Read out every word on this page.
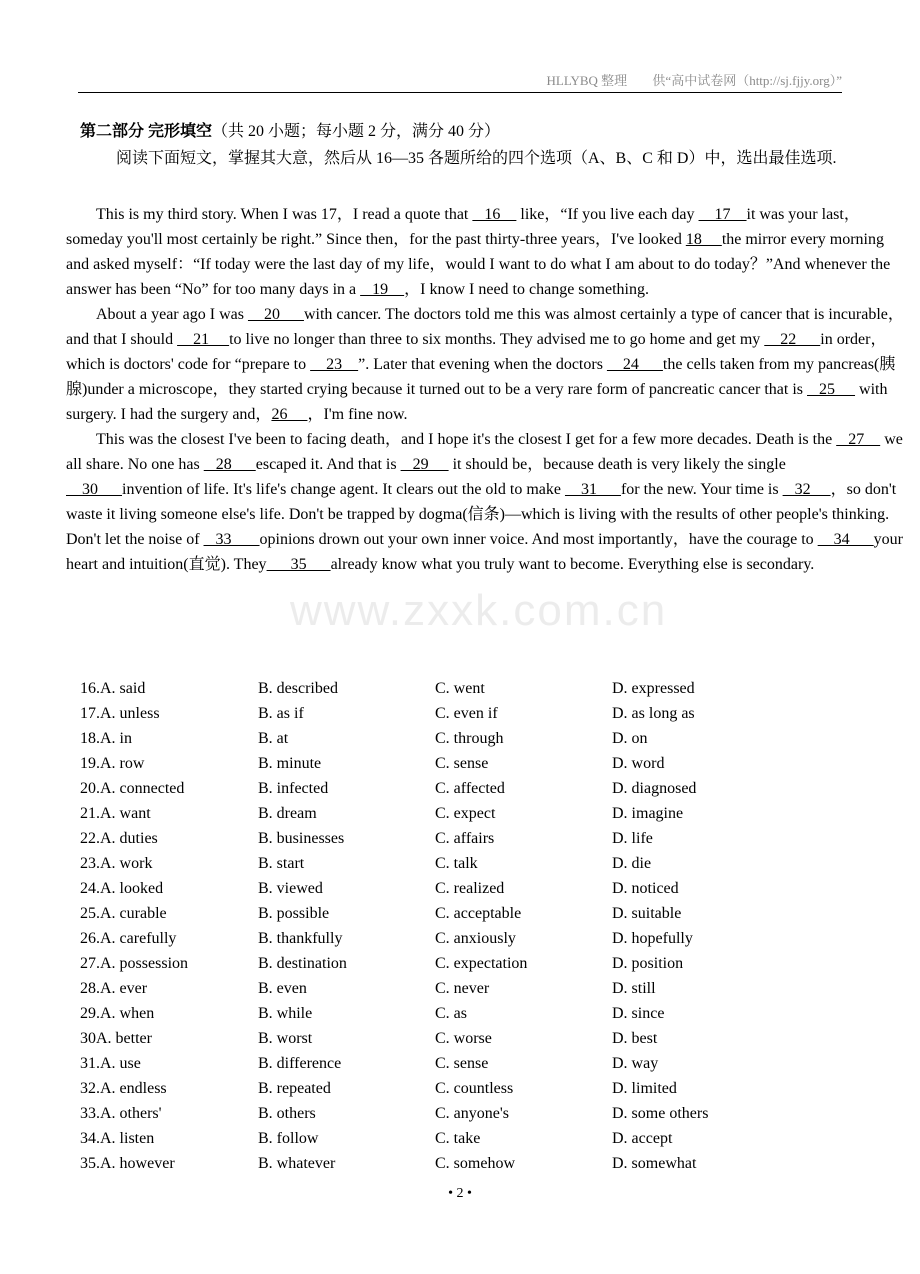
HLLYBQ 整理 供“高中试卷网（http://sj.fjjy.org）”
第二部分 完形填空（共 20 小题；每小题 2 分，满分 40 分）
阅读下面短文，掌握其大意，然后从 16—35 各题所给的四个选项（A、B、C 和 D）中，选出最佳选项.

This is my third story. When I was 17，I read a quote that    16     like，“If you live each day     17    it was your last，someday you'll most certainly be right.” Since then，for the past thirty-three years，I've looked 18     the mirror every morning and asked myself：“If today were the last day of my life，would I want to do what I am about to do today？”And whenever the answer has been “No” for too many days in a    19    ，I know I need to change something.

About a year ago I was     20      with cancer. The doctors told me this was almost certainly a type of cancer that is incurable，and that I should     21     to live no longer than three to six months. They advised me to go home and get my     22      in order，which is doctors' code for “prepare to     23    ”. Later that evening when the doctors     24      the cells taken from my pancreas(胰腺)under a microscope，they started crying because it turned out to be a very rare form of pancreatic cancer that is    25      with surgery. I had the surgery and，26     ，I'm fine now.

This was the closest I've been to facing death，and I hope it's the closest I get for a few more decades. Death is the    27     we all share. No one has    28      escaped it. And that is    29      it should be，because death is very likely the single     30      invention of life. It's life's change agent. It clears out the old to make     31      for the new. Your time is    32     ，so don't waste it living someone else's life. Don't be trapped by dogma(信条)—which is living with the results of other people's thinking. Don't let the noise of    33       opinions drown out your own inner voice. And most importantly，have the courage to     34      your heart and intuition(直觉). They      35      already know what you truly want to become. Everything else is secondary.

www.zxxk.com.cn
16.A. said	B. described	C. went	D. expressed
17.A. unless	B. as if	C. even if	D. as long as
18.A. in	B. at	C. through	D. on
19.A. row	B. minute	C. sense	D. word
20.A. connected	B. infected	C. affected	D. diagnosed
21.A. want	B. dream	C. expect	D. imagine
22.A. duties	B. businesses	C. affairs	D. life
23.A. work	B. start	C. talk	D. die
24.A. looked	B. viewed	C. realized	D. noticed
25.A. curable	B. possible	C. acceptable	D. suitable
26.A. carefully	B. thankfully	C. anxiously	D. hopefully
27.A. possession	B. destination	C. expectation	D. position
28.A. ever	B. even	C. never	D. still
29.A. when	B. while	C. as	D. since
30A. better	B. worst	C. worse	D. best
31.A. use	B. difference	C. sense	D. way
32.A. endless	B. repeated	C. countless	D. limited
33.A. others'	B. others	C. anyone's	D. some others
34.A. listen	B. follow	C. take	D. accept
35.A. however	B. whatever	C. somehow	D. somewhat
• 2 •
